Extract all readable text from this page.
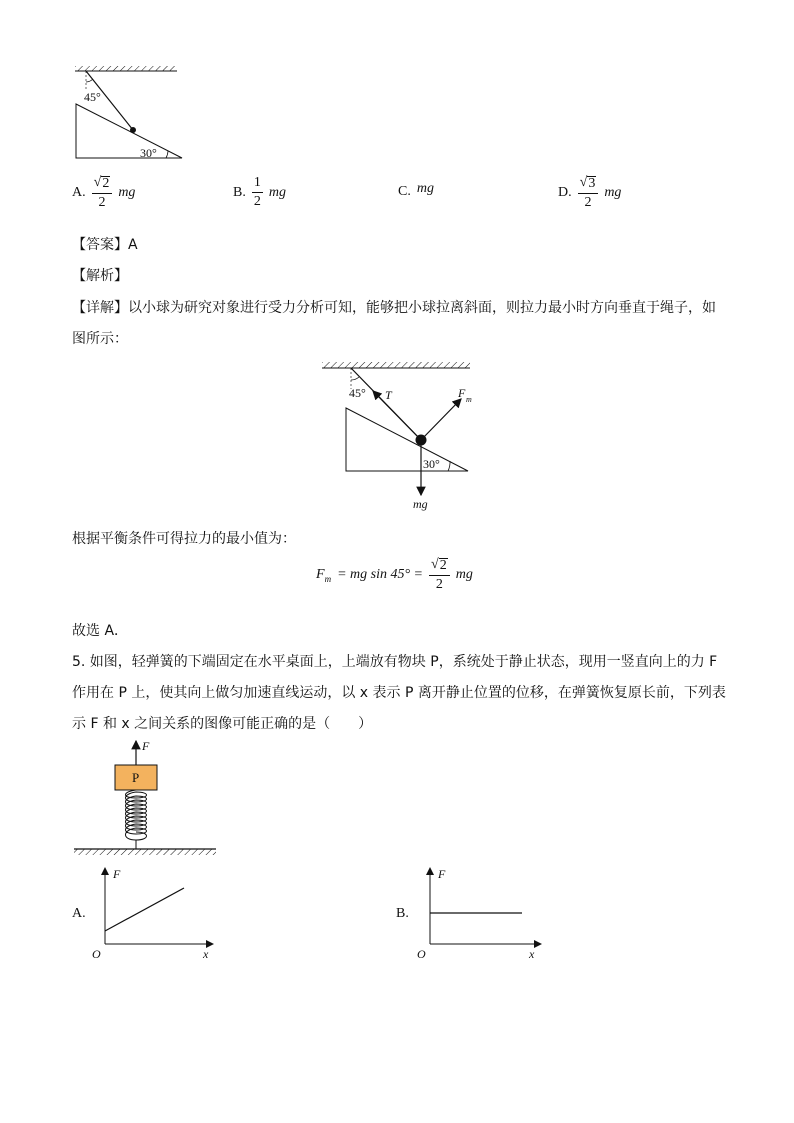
45°
30°
A. $\frac{√ 2}{2}$ mg	B. $\frac{1}{2}$ mg	C. mg	D. $\frac{√ 3}{2}$ mg
【答案】A
【解析】
【详解】以小球为研究对象进行受力分析可知，能够把小球拉离斜面，则拉力最小时方向垂直于绳子，如
图所示：
45°
30°
T	F m
mg
根据平衡条件可得拉力的最小值为：
$F_m$ = mg $\sin 45^\circ = \frac{√ 2}{2}$ mg
故选 A．
5. 如图，轻弹簧的下端固定在水平桌面上，上端放有物块 P，系统处于静止状态，现用一竖直向上的力 F
作用在 P 上，使其向上做匀加速直线运动，以 x 表示 P 离开静止位置的位移，在弹簧恢复原长前，下列表
示 F 和 x 之间关系的图像可能正确的是（　　）
F
P
A.
F
x
O
B.
F
x
O
